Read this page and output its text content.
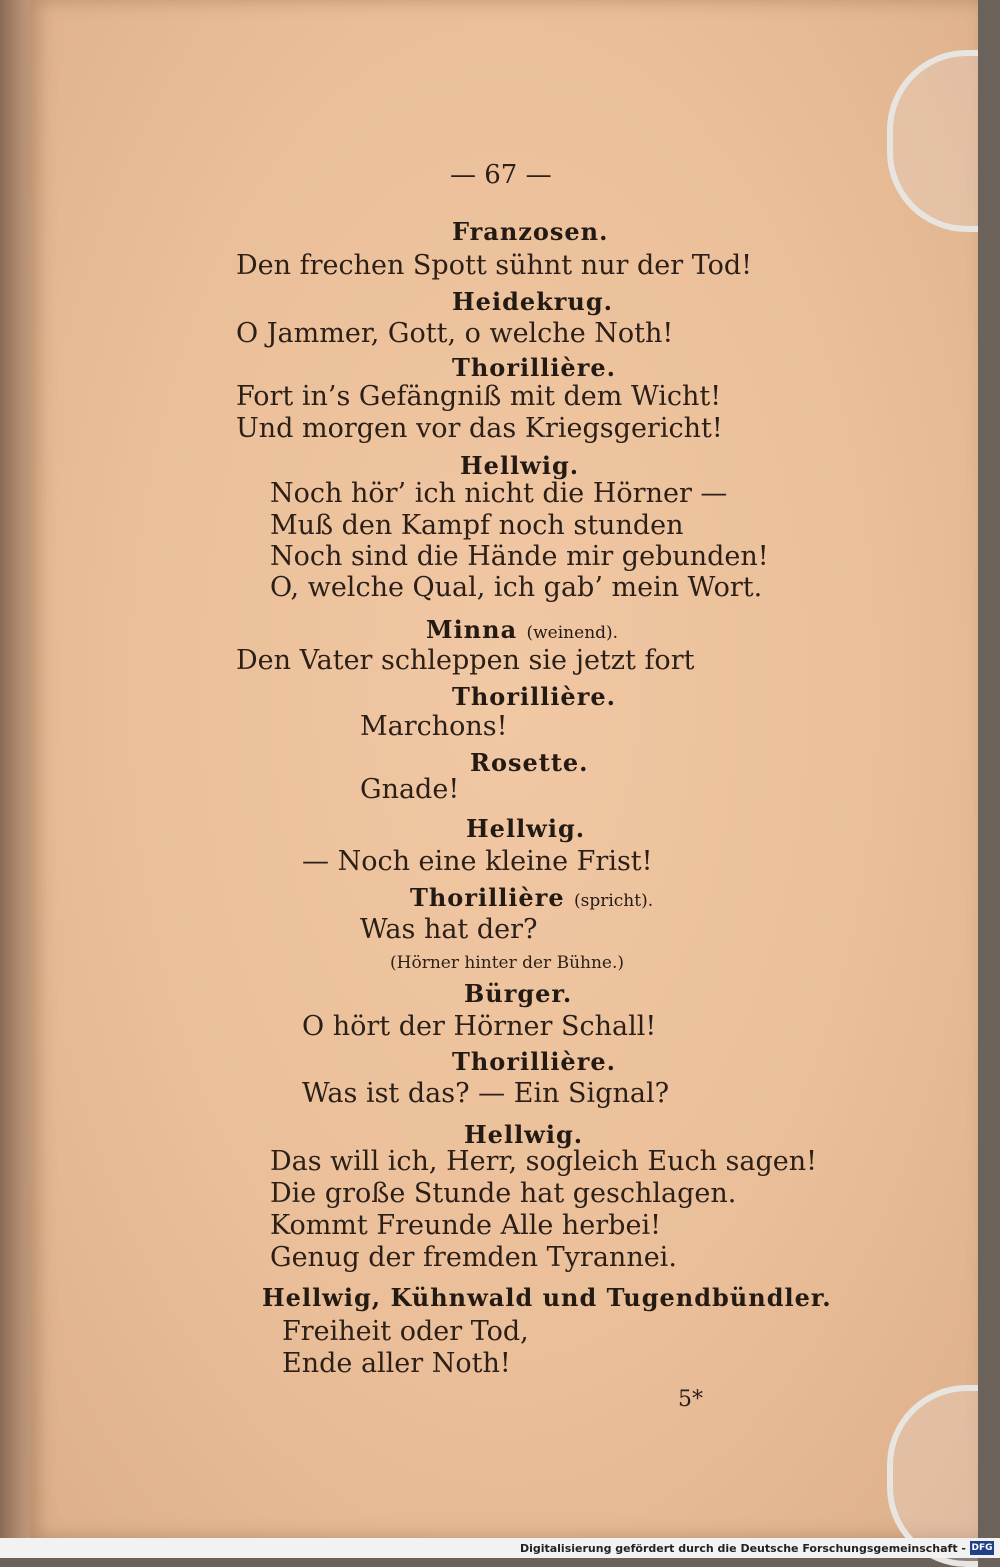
— 67 —
Franzosen.
Den frechen Spott sühnt nur der Tod!
Heidekrug.
O Jammer, Gott, o welche Noth!
Thorillière.
Fort in’s Gefängniß mit dem Wicht!
Und morgen vor das Kriegsgericht!
Hellwig.
Noch hör’ ich nicht die Hörner —
Muß den Kampf noch stunden
Noch sind die Hände mir gebunden!
O, welche Qual, ich gab’ mein Wort.
Minna (weinend).
Den Vater schleppen sie jetzt fort
Thorillière.
Marchons!
Rosette.
Gnade!
Hellwig.
— Noch eine kleine Frist!
Thorillière (spricht).
Was hat der?
(Hörner hinter der Bühne.)
Bürger.
O hört der Hörner Schall!
Thorillière.
Was ist das? — Ein Signal?
Hellwig.
Das will ich, Herr, sogleich Euch sagen!
Die große Stunde hat geschlagen.
Kommt Freunde Alle herbei!
Genug der fremden Tyrannei.
Hellwig, Kühnwald und Tugendbündler.
Freiheit oder Tod,
Ende aller Noth!
5*
Digitalisierung gefördert durch die Deutsche Forschungsgemeinschaft - DFG
